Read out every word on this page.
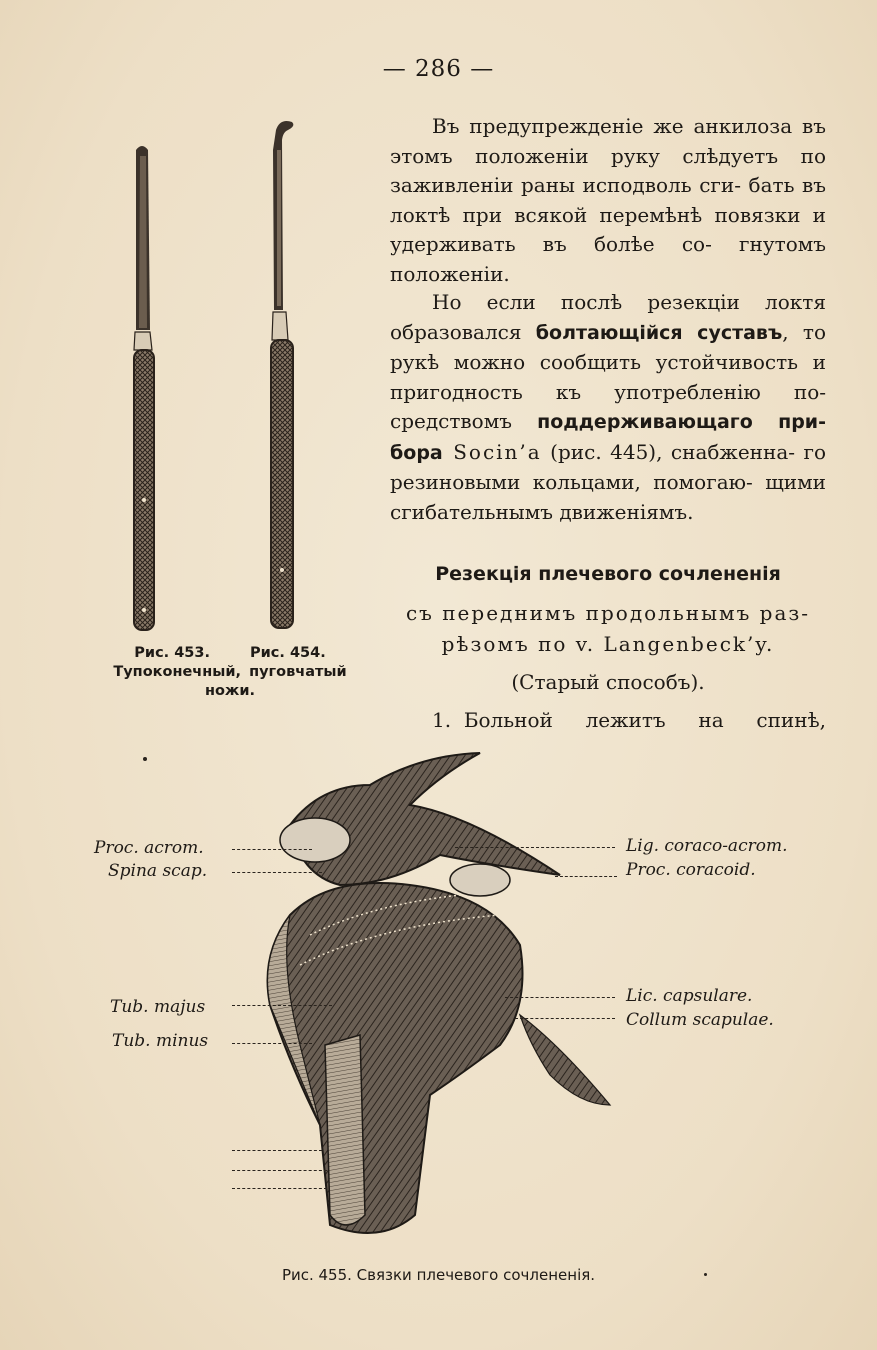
— 286 —
Рис. 453.	Рис. 454.
Тупоконечный, пуговчатый
ножи.

Въ предупрежденіе же анкилоза въ этомъ положеніи руку слѣдуетъ по заживленіи раны исподволь сги- бать въ локтѣ при всякой перемѣнѣ повязки и удерживать въ болѣе со- гнутомъ положеніи.

Но если послѣ резекціи локтя образовался болтающійся суставъ, то рукѣ можно сообщить устойчивость и пригодность къ употребленію по- средствомъ поддерживающаго при- бора Socin’a (рис. 445), снабженна- го резиновыми кольцами, помогаю- щими сгибательнымъ движеніямъ.

Резекція плечевого сочлененія
съ переднимъ продольнымъ раз-
рѣзомъ по v. Langenbeck’y.
(Старый способъ).
1. Больной лежитъ на спинѣ,
Proc. acrom.
Spina scap.
Tub. majus
Tub. minus
Lig. coraco-acrom.
Proc. coracoid.
Lic. capsulare.
Collum scapulae.
Рис. 455. Связки плечевого сочлененія.
